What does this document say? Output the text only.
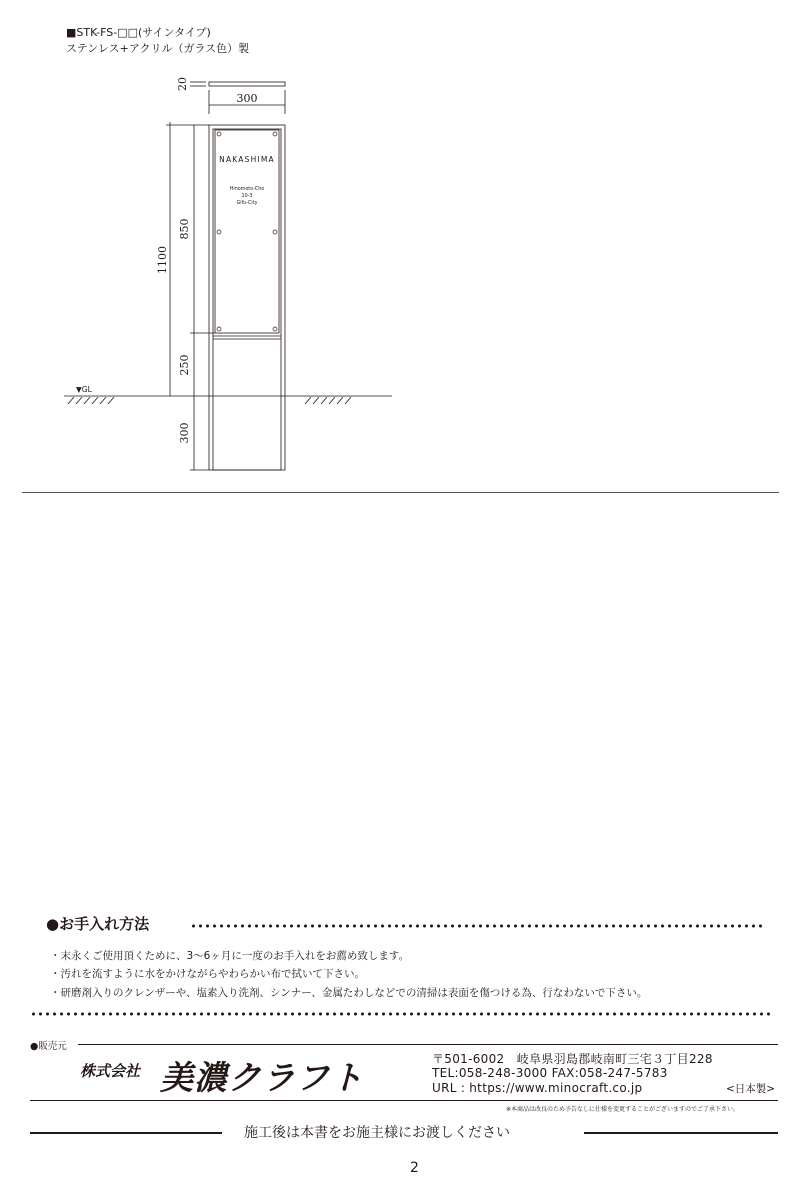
■STK-FS-□□(サインタイプ)
ステンレス+アクリル（ガラス色）製
20
300
1100
850
250
300
▼GL
NAKASHIMA
Hinomoto-Cho
10-3
Gifu-City
●お手入れ方法
・末永くご使用頂くために、3～6ヶ月に一度のお手入れをお薦め致します。
・汚れを流すように水をかけながらやわらかい布で拭いて下さい。
・研磨剤入りのクレンザーや、塩素入り洗剤、シンナー、金属たわしなどでの清掃は表面を傷つける為、行なわないで下さい。
●販売元
株式会社 美濃クラフト	〒501-6002　岐阜県羽島郡岐南町三宅３丁目228
TEL:058-248-3000 FAX:058-247-5783
URL : https://www.minocraft.co.jp	<日本製>
※本商品は改良のため予告なしに仕様を変更することがございますのでご了承下さい。
施工後は本書をお施主様にお渡しください
2
